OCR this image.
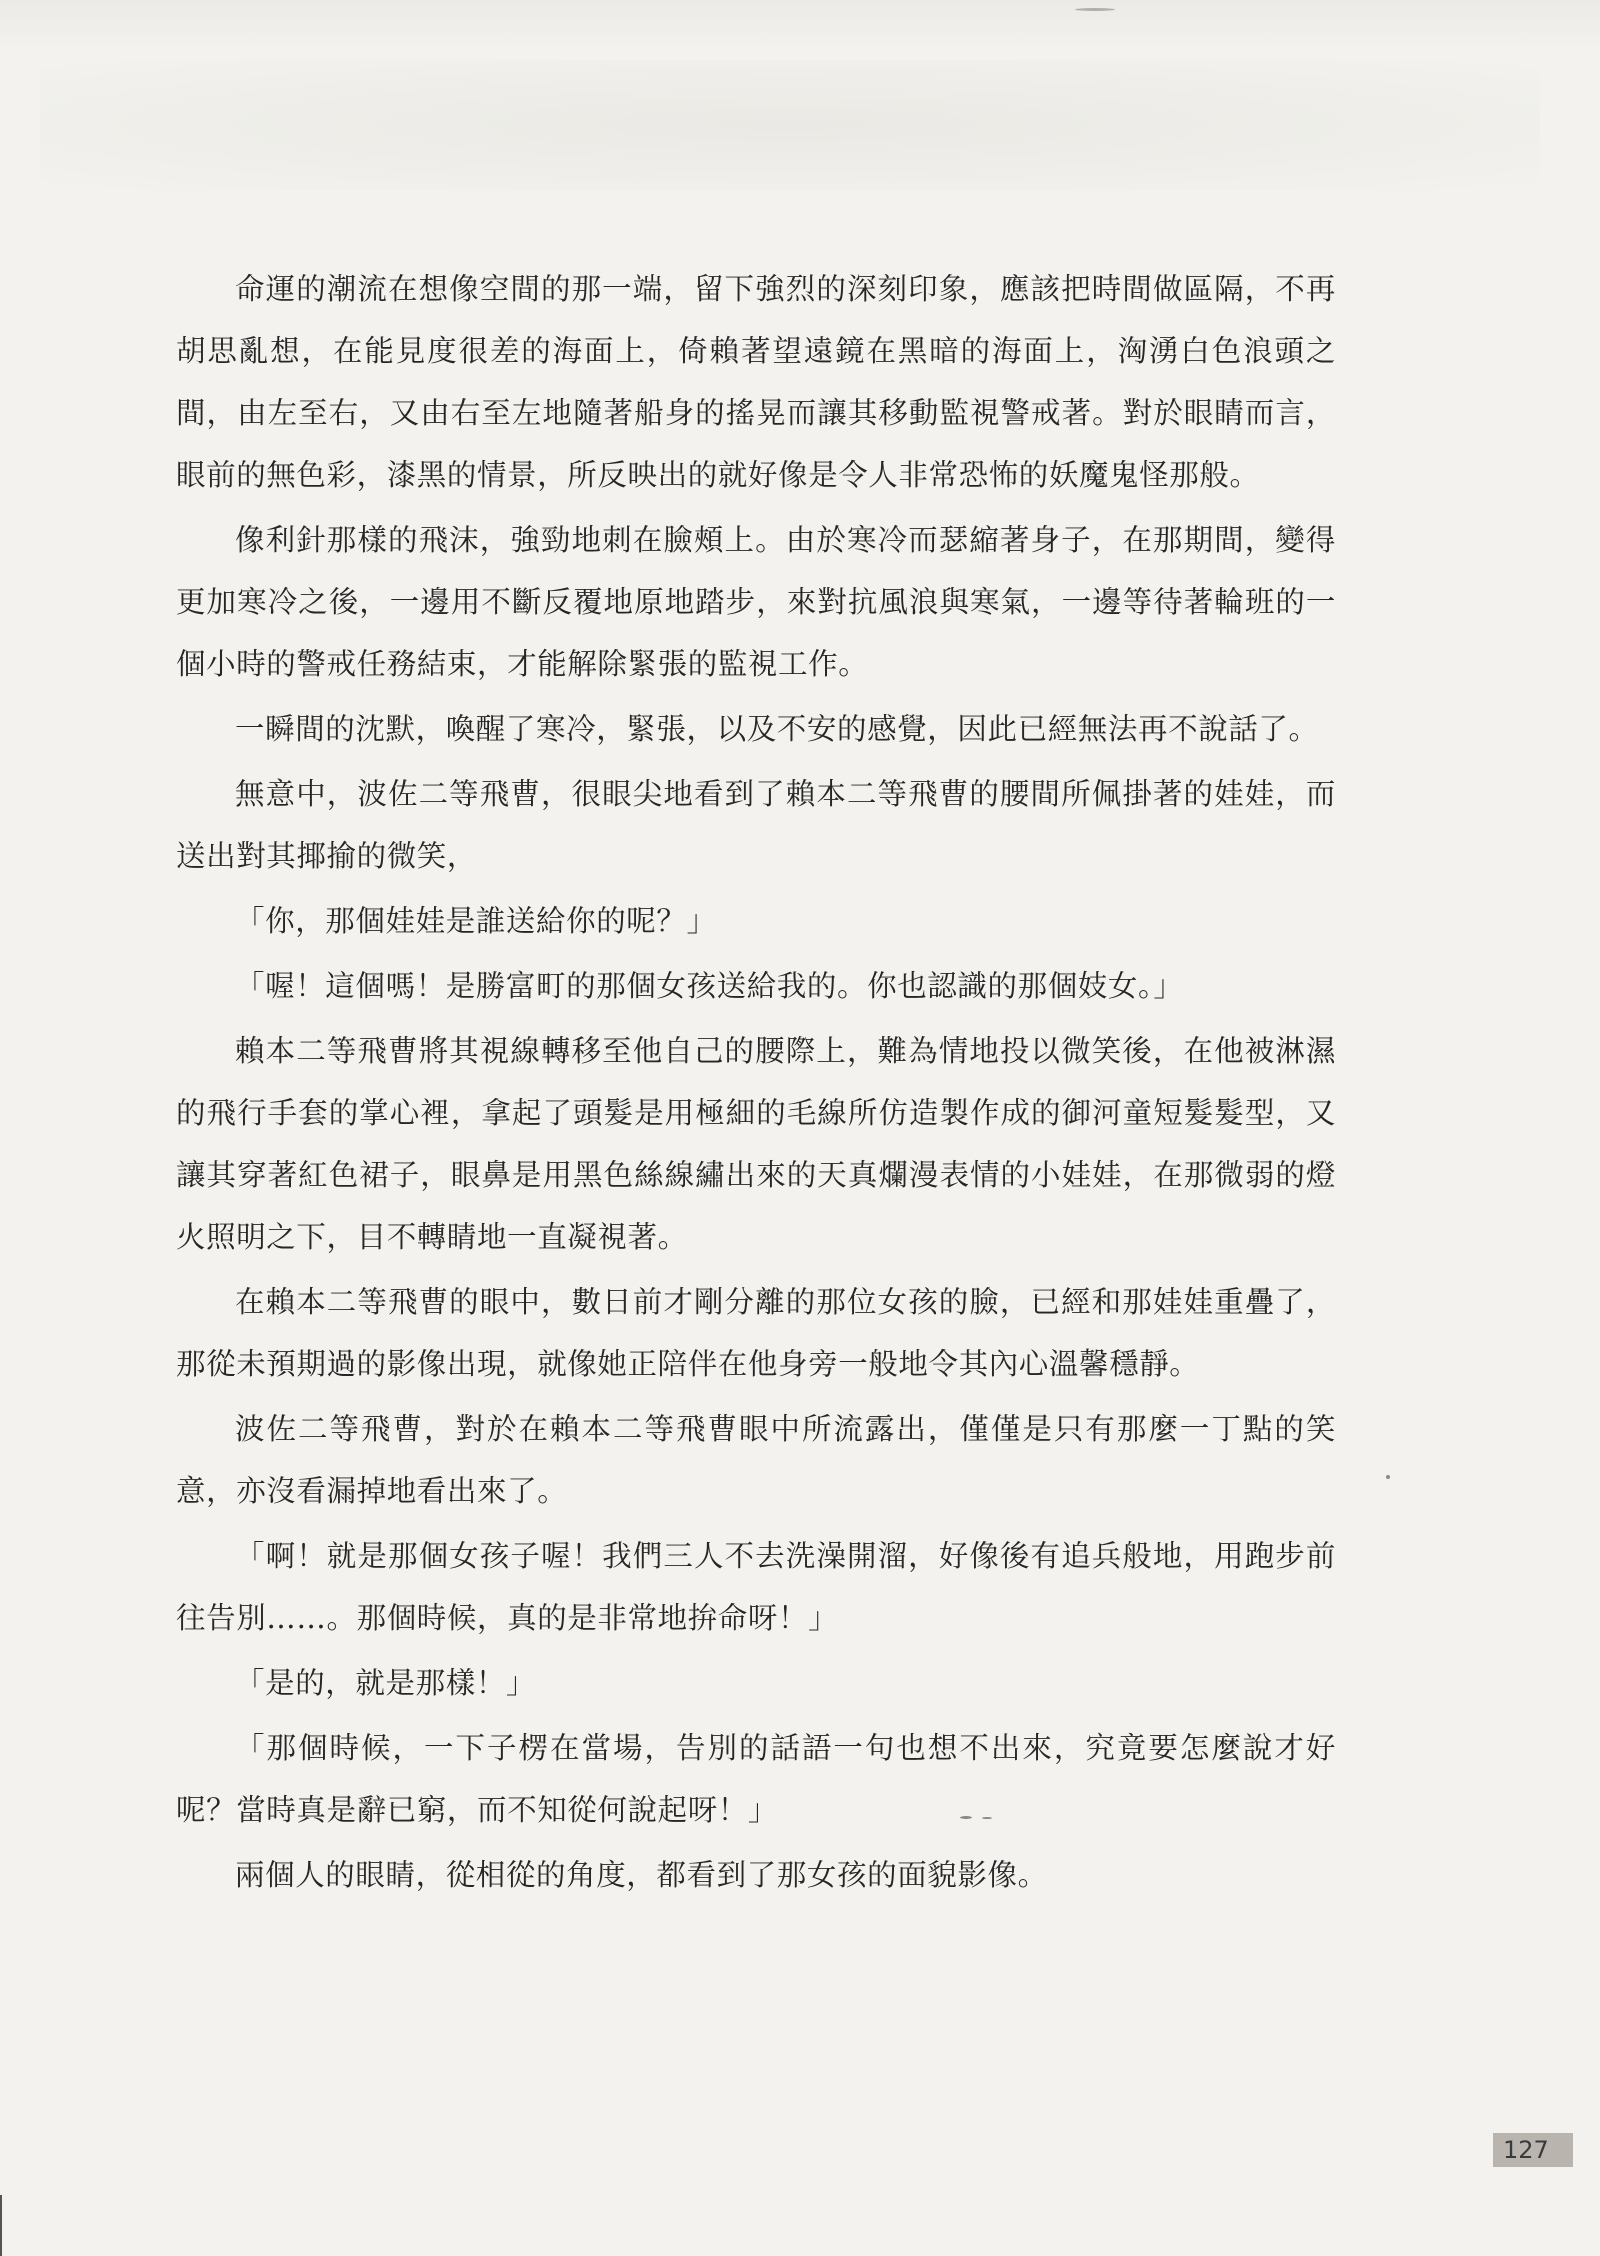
命運的潮流在想像空間的那一端，留下強烈的深刻印象，應該把時間做區隔，不再胡思亂想，在能見度很差的海面上，倚賴著望遠鏡在黑暗的海面上，洶湧白色浪頭之間，由左至右，又由右至左地隨著船身的搖晃而讓其移動監視警戒著。對於眼睛而言，眼前的無色彩，漆黑的情景，所反映出的就好像是令人非常恐怖的妖魔鬼怪那般。

像利針那樣的飛沫，強勁地刺在臉頰上。由於寒冷而瑟縮著身子，在那期間，變得更加寒冷之後，一邊用不斷反覆地原地踏步，來對抗風浪與寒氣，一邊等待著輪班的一個小時的警戒任務結束，才能解除緊張的監視工作。

一瞬間的沈默，喚醒了寒冷，緊張，以及不安的感覺，因此已經無法再不說話了。

無意中，波佐二等飛曹，很眼尖地看到了賴本二等飛曹的腰間所佩掛著的娃娃，而送出對其揶揄的微笑，

「你，那個娃娃是誰送給你的呢？」

「喔！這個嗎！是勝富町的那個女孩送給我的。你也認識的那個妓女。」

賴本二等飛曹將其視線轉移至他自己的腰際上，難為情地投以微笑後，在他被淋濕的飛行手套的掌心裡，拿起了頭髮是用極細的毛線所仿造製作成的御河童短髮髮型，又讓其穿著紅色裙子，眼鼻是用黑色絲線繡出來的天真爛漫表情的小娃娃，在那微弱的燈火照明之下，目不轉睛地一直凝視著。

在賴本二等飛曹的眼中，數日前才剛分離的那位女孩的臉，已經和那娃娃重疊了，那從未預期過的影像出現，就像她正陪伴在他身旁一般地令其內心溫馨穩靜。

波佐二等飛曹，對於在賴本二等飛曹眼中所流露出，僅僅是只有那麼一丁點的笑意，亦沒看漏掉地看出來了。

「啊！就是那個女孩子喔！我們三人不去洗澡開溜，好像後有追兵般地，用跑步前往告別……。那個時候，真的是非常地拚命呀！」

「是的，就是那樣！」

「那個時候，一下子楞在當場，告別的話語一句也想不出來，究竟要怎麼說才好呢？當時真是辭已窮，而不知從何說起呀！」

兩個人的眼睛，從相從的角度，都看到了那女孩的面貌影像。

127
